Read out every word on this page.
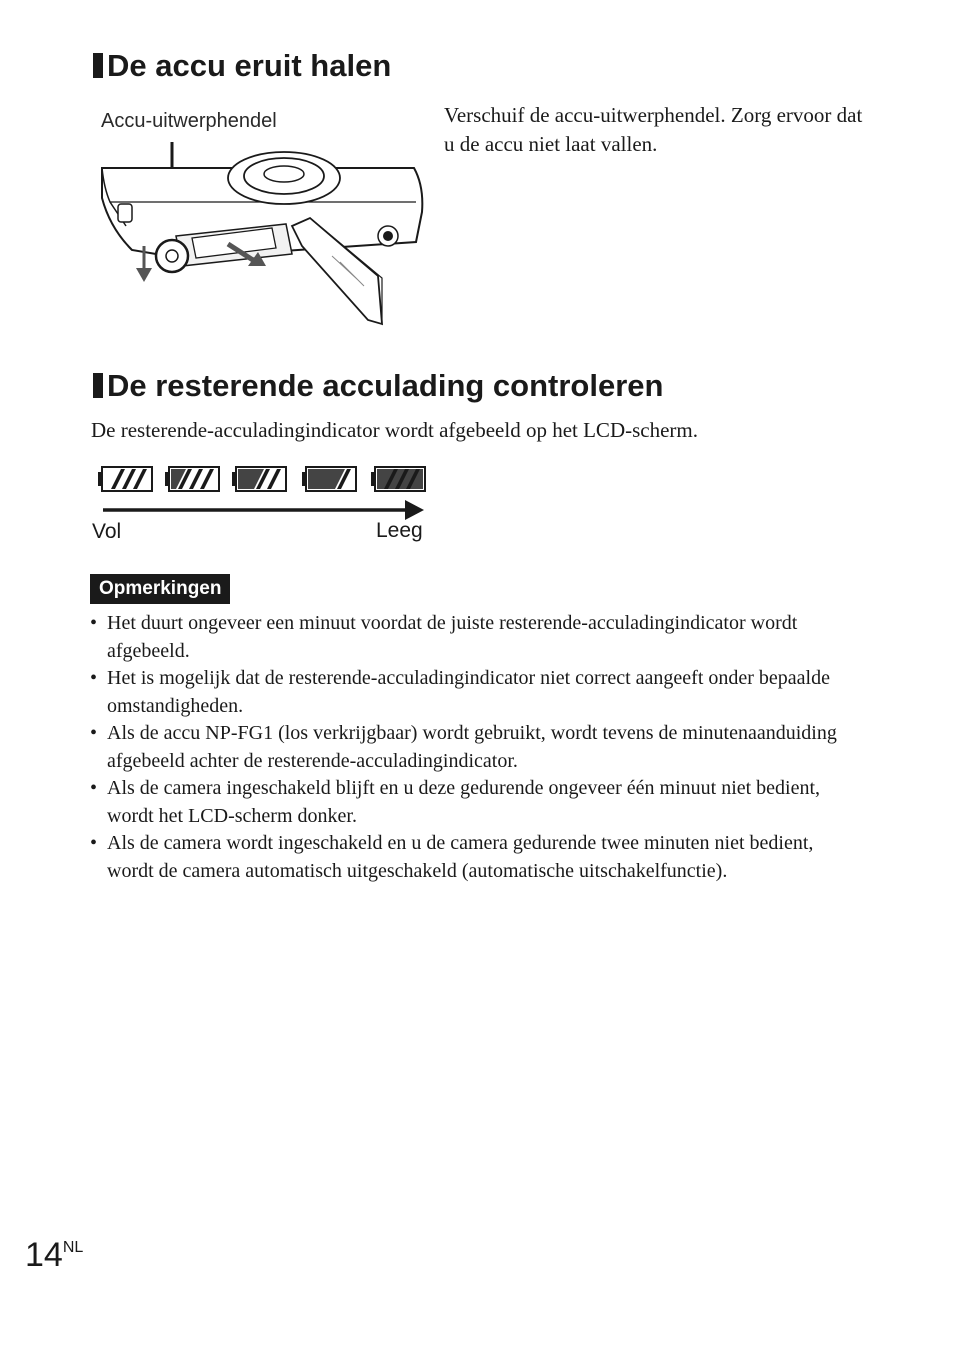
De accu eruit halen
Accu-uitwerphendel	Verschuif de accu-uitwerphendel. Zorg ervoor dat u de accu niet laat vallen.
De resterende acculading controleren
De resterende-acculadingindicator wordt afgebeeld op het LCD-scherm.
Vol	Leeg
Opmerkingen
• Het duurt ongeveer een minuut voordat de juiste resterende-acculadingindicator wordt afgebeeld.
• Het is mogelijk dat de resterende-acculadingindicator niet correct aangeeft onder bepaalde omstandigheden.
• Als de accu NP-FG1 (los verkrijgbaar) wordt gebruikt, wordt tevens de minutenaanduiding afgebeeld achter de resterende-acculadingindicator.
• Als de camera ingeschakeld blijft en u deze gedurende ongeveer één minuut niet bedient, wordt het LCD-scherm donker.
• Als de camera wordt ingeschakeld en u de camera gedurende twee minuten niet bedient, wordt de camera automatisch uitgeschakeld (automatische uitschakelfunctie).
14NL
